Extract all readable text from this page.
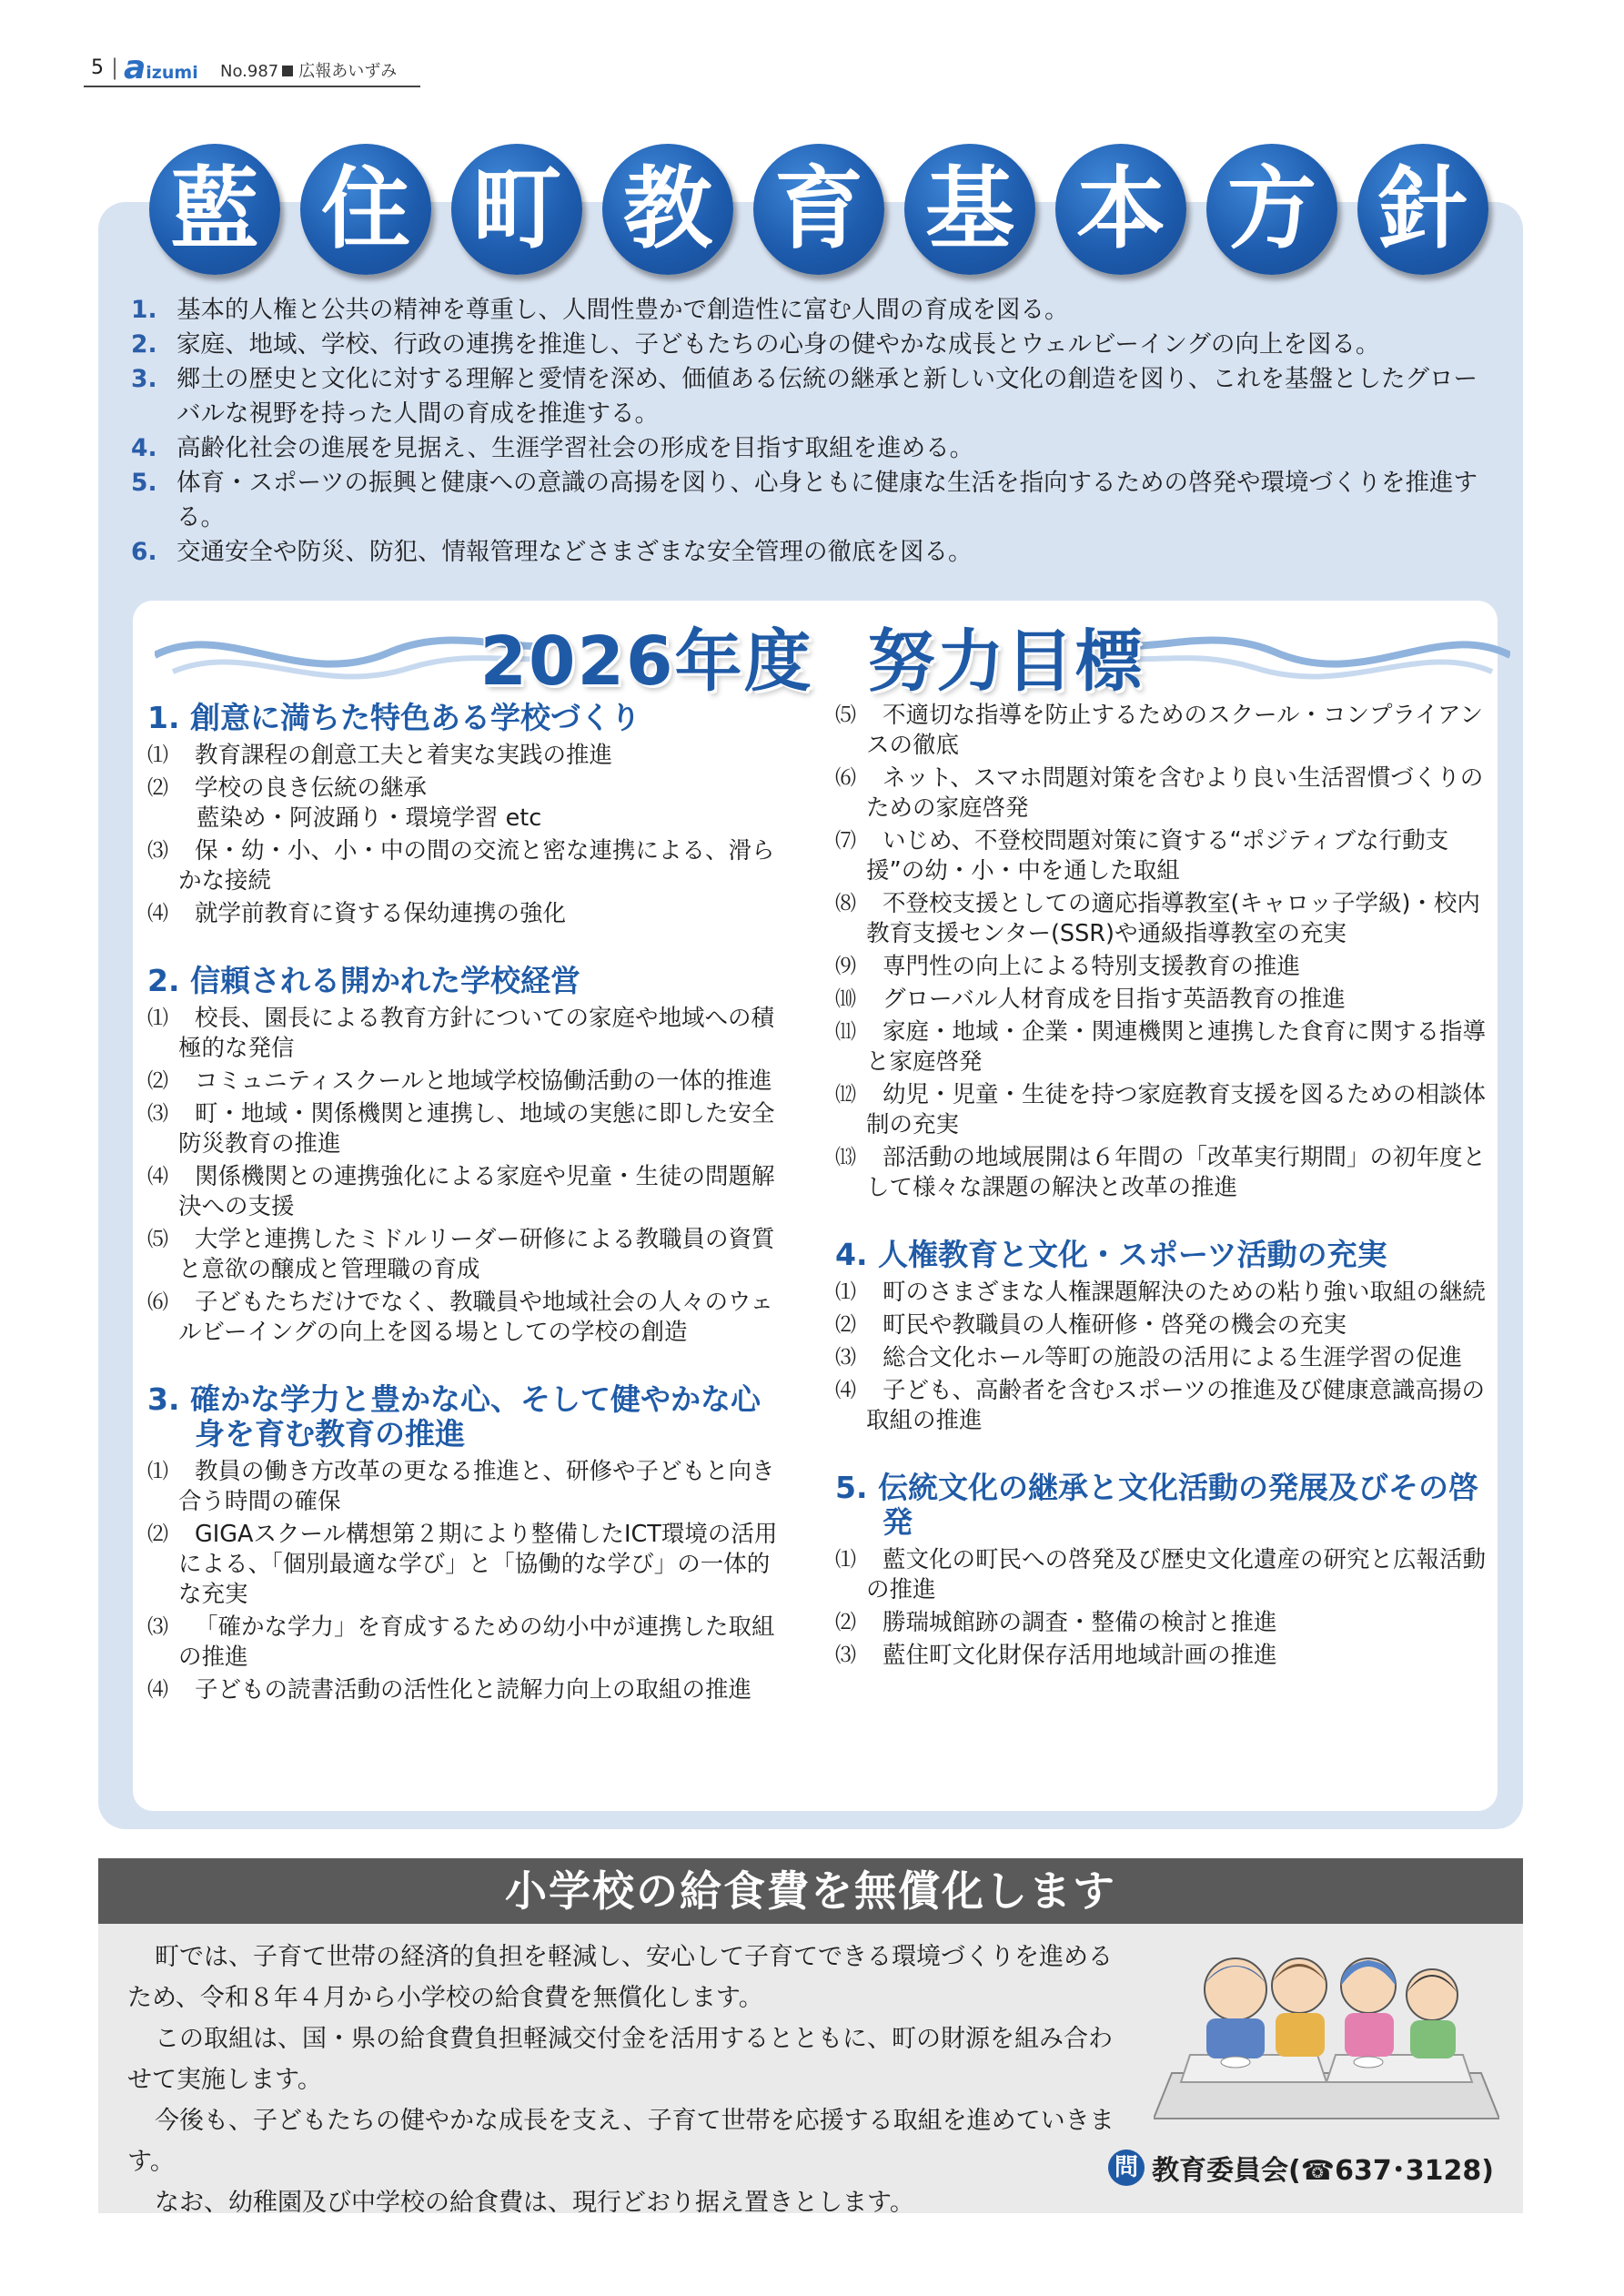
5 | aizumi No.987 広報あいずみ
藍 住 町 教 育 基 本 方 針
1. 基本的人権と公共の精神を尊重し、人間性豊かで創造性に富む人間の育成を図る。
2. 家庭、地域、学校、行政の連携を推進し、子どもたちの心身の健やかな成長とウェルビーイングの向上を図る。
3. 郷土の歴史と文化に対する理解と愛情を深め、価値ある伝統の継承と新しい文化の創造を図り、これを基盤としたグローバルな視野を持った人間の育成を推進する。
4. 高齢化社会の進展を見据え、生涯学習社会の形成を目指す取組を進める。
5. 体育・スポーツの振興と健康への意識の高揚を図り、心身ともに健康な生活を指向するための啓発や環境づくりを推進する。
6. 交通安全や防災、防犯、情報管理などさまざまな安全管理の徹底を図る。
2026年度 努力目標
1. 創意に満ちた特色ある学校づくり
⑴	教育課程の創意工夫と着実な実践の推進
⑵	学校の良き伝統の継承
藍染め・阿波踊り・環境学習 etc
⑶	保・幼・小、小・中の間の交流と密な連携による、滑らかな接続
⑷	就学前教育に資する保幼連携の強化
2. 信頼される開かれた学校経営
⑴	校長、園長による教育方針についての家庭や地域への積極的な発信
⑵	コミュニティスクールと地域学校協働活動の一体的推進
⑶	町・地域・関係機関と連携し、地域の実態に即した安全防災教育の推進
⑷	関係機関との連携強化による家庭や児童・生徒の問題解決への支援
⑸	大学と連携したミドルリーダー研修による教職員の資質と意欲の醸成と管理職の育成
⑹	子どもたちだけでなく、教職員や地域社会の人々のウェルビーイングの向上を図る場としての学校の創造
3. 確かな学力と豊かな心、そして健やかな心身を育む教育の推進
⑴	教員の働き方改革の更なる推進と、研修や子どもと向き合う時間の確保
⑵	GIGAスクール構想第２期により整備したICT環境の活用による、「個別最適な学び」と「協働的な学び」の一体的な充実
⑶	「確かな学力」を育成するための幼小中が連携した取組の推進
⑷	子どもの読書活動の活性化と読解力向上の取組の推進
⑸	不適切な指導を防止するためのスクール・コンプライアンスの徹底
⑹	ネット、スマホ問題対策を含むより良い生活習慣づくりのための家庭啓発
⑺	いじめ、不登校問題対策に資する“ポジティブな行動支援”の幼・小・中を通した取組
⑻	不登校支援としての適応指導教室(キャロッ子学級)・校内教育支援センター(SSR)や通級指導教室の充実
⑼	専門性の向上による特別支援教育の推進
⑽	グローバル人材育成を目指す英語教育の推進
⑾	家庭・地域・企業・関連機関と連携した食育に関する指導と家庭啓発
⑿	幼児・児童・生徒を持つ家庭教育支援を図るための相談体制の充実
⒀	部活動の地域展開は６年間の「改革実行期間」の初年度として様々な課題の解決と改革の推進
4. 人権教育と文化・スポーツ活動の充実
⑴	町のさまざまな人権課題解決のための粘り強い取組の継続
⑵	町民や教職員の人権研修・啓発の機会の充実
⑶	総合文化ホール等町の施設の活用による生涯学習の促進
⑷	子ども、高齢者を含むスポーツの推進及び健康意識高揚の取組の推進
5. 伝統文化の継承と文化活動の発展及びその啓発
⑴	藍文化の町民への啓発及び歴史文化遺産の研究と広報活動の推進
⑵	勝瑞城館跡の調査・整備の検討と推進
⑶	藍住町文化財保存活用地域計画の推進
小学校の給食費を無償化します

町では、子育て世帯の経済的負担を軽減し、安心して子育てできる環境づくりを進めるため、令和８年４月から小学校の給食費を無償化します。

この取組は、国・県の給食費負担軽減交付金を活用するとともに、町の財源を組み合わせて実施します。

今後も、子どもたちの健やかな成長を支え、子育て世帯を応援する取組を進めていきます。

なお、幼稚園及び中学校の給食費は、現行どおり据え置きとします。

問 教育委員会(☎637･3128)
